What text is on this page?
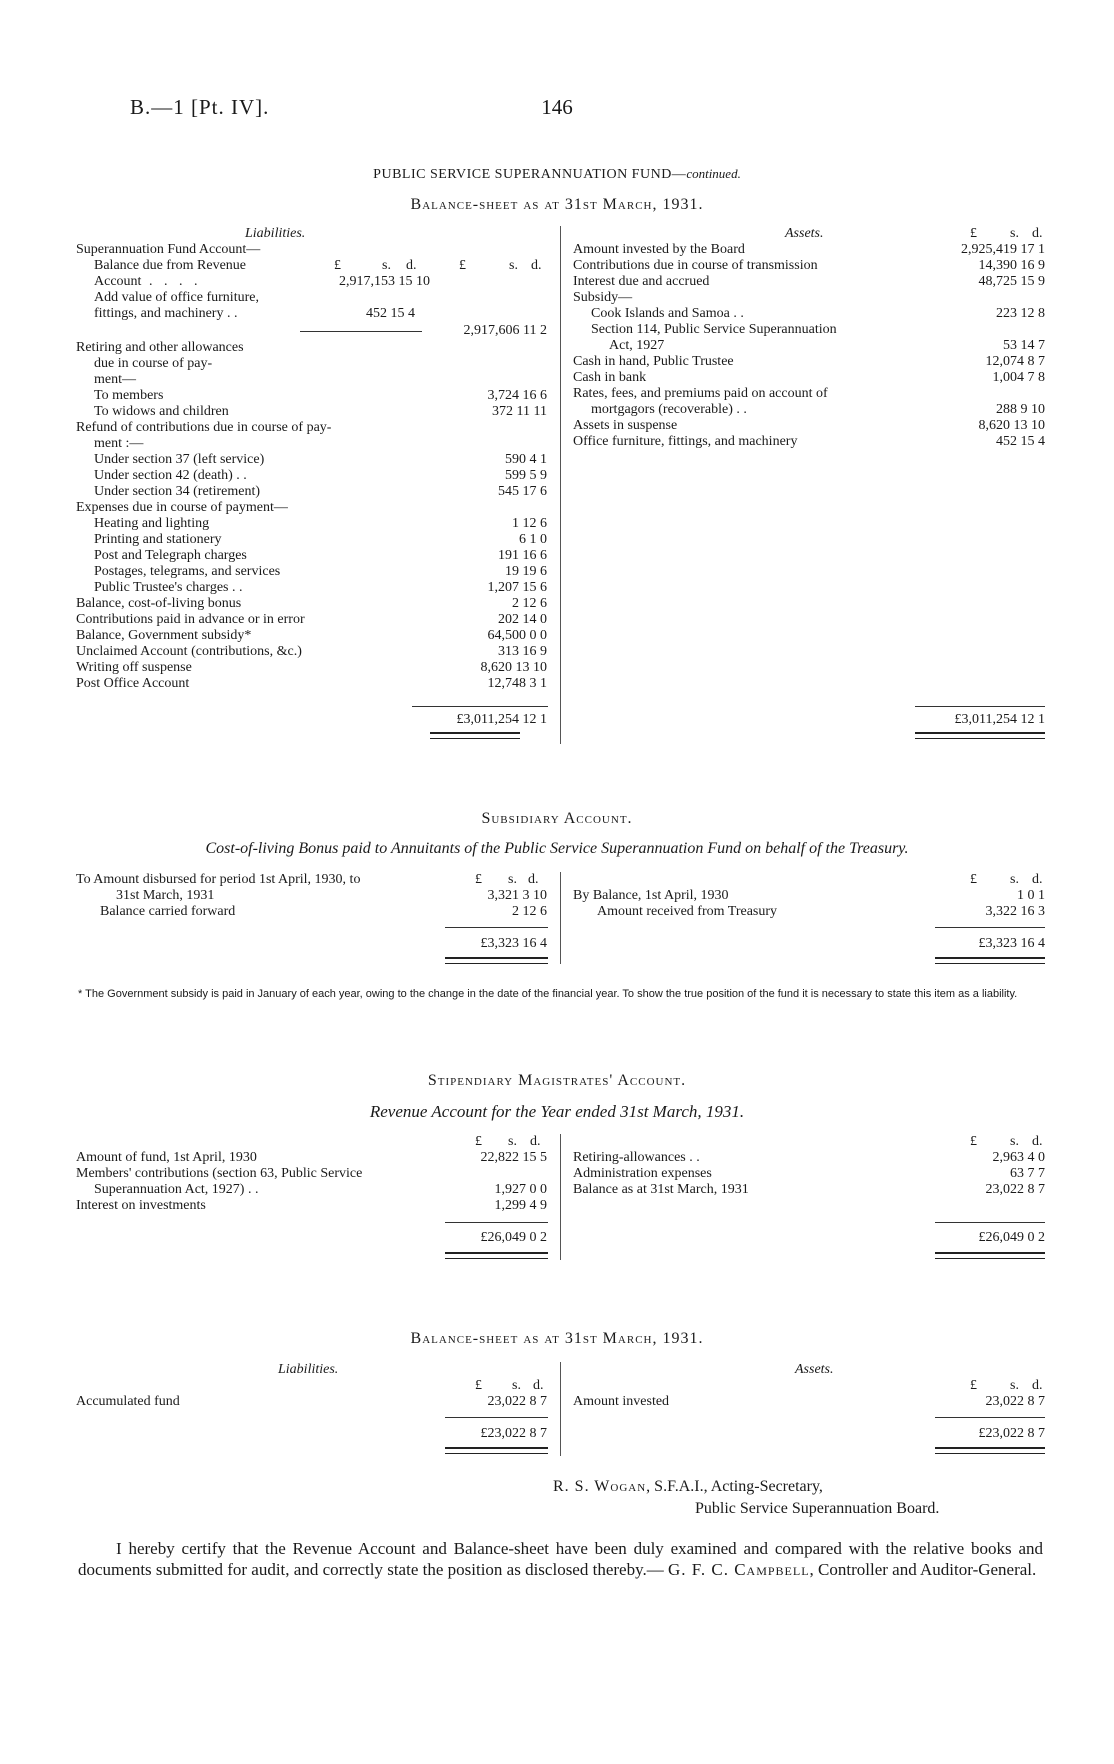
B.—1 [Pt. IV].	146
PUBLIC SERVICE SUPERANNUATION FUND—continued.
Balance-sheet as at 31st March, 1931.
Liabilities.
Superannuation Fund Account—
Balance due from Revenue	£	s. d.	£	s. d.
Account . . . .	2,917,153 15 10
Add value of office furniture,
fittings, and machinery . .	452 15 4
2,917,606 11 2
Retiring and other allowances
due in course of pay-
ment—
To members	3,724 16 6
To widows and children	372 11 11
Refund of contributions due in course of pay-	
ment :—	
Under section 37 (left service)	590 4 1
Under section 42 (death) . .	599 5 9
Under section 34 (retirement)	545 17 6
Expenses due in course of payment—	
Heating and lighting	1 12 6
Printing and stationery	6 1 0
Post and Telegraph charges	191 16 6
Postages, telegrams, and services	19 19 6
Public Trustee's charges . .	1,207 15 6
Balance, cost-of-living bonus	2 12 6
Contributions paid in advance or in error	202 14 0
Balance, Government subsidy*	64,500 0 0
Unclaimed Account (contributions, &c.)	313 16 9
Writing off suspense	8,620 13 10
Post Office Account	12,748 3 1
£3,011,254 12 1
Assets.	£ s. d.
Amount invested by the Board	2,925,419 17 1
Contributions due in course of transmission	14,390 16 9
Interest due and accrued	48,725 15 9
Subsidy—
Cook Islands and Samoa . .	223 12 8
Section 114, Public Service Superannuation
Act, 1927	53 14 7
Cash in hand, Public Trustee	12,074 8 7
Cash in bank	1,004 7 8
Rates, fees, and premiums paid on account of
mortgagors (recoverable) . .	288 9 10
Assets in suspense	8,620 13 10
Office furniture, fittings, and machinery	452 15 4
£3,011,254 12 1
Subsidiary Account.
Cost-of-living Bonus paid to Annuitants of the Public Service Superannuation Fund on behalf of the Treasury.
To Amount disbursed for period 1st April, 1930, to	£ s. d.
31st March, 1931	3,321 3 10
Balance carried forward	2 12 6
£3,323 16 4
£ s. d.
By Balance, 1st April, 1930	1 0 1
Amount received from Treasury	3,322 16 3
£3,323 16 4
* The Government subsidy is paid in January of each year, owing to the change in the date of the financial year. To show the true position of the fund it is necessary to state this item as a liability.
Stipendiary Magistrates' Account.
Revenue Account for the Year ended 31st March, 1931.
£ s. d.
Amount of fund, 1st April, 1930	22,822 15 5
Members' contributions (section 63, Public Service
Superannuation Act, 1927) . .	1,927 0 0
Interest on investments	1,299 4 9
£26,049 0 2
£ s. d.
Retiring-allowances . .	2,963 4 0
Administration expenses	63 7 7
Balance as at 31st March, 1931	23,022 8 7
£26,049 0 2
Balance-sheet as at 31st March, 1931.
Liabilities.	Assets.
£ s. d.
Accumulated fund	23,022 8 7
£23,022 8 7
£ s. d.
Amount invested	23,022 8 7
£23,022 8 7
R. S. Wogan, S.F.A.I., Acting-Secretary,
Public Service Superannuation Board.
I hereby certify that the Revenue Account and Balance-sheet have been duly examined and compared with the relative books and documents submitted for audit, and correctly state the position as disclosed thereby.— G. F. C. Campbell, Controller and Auditor-General.
